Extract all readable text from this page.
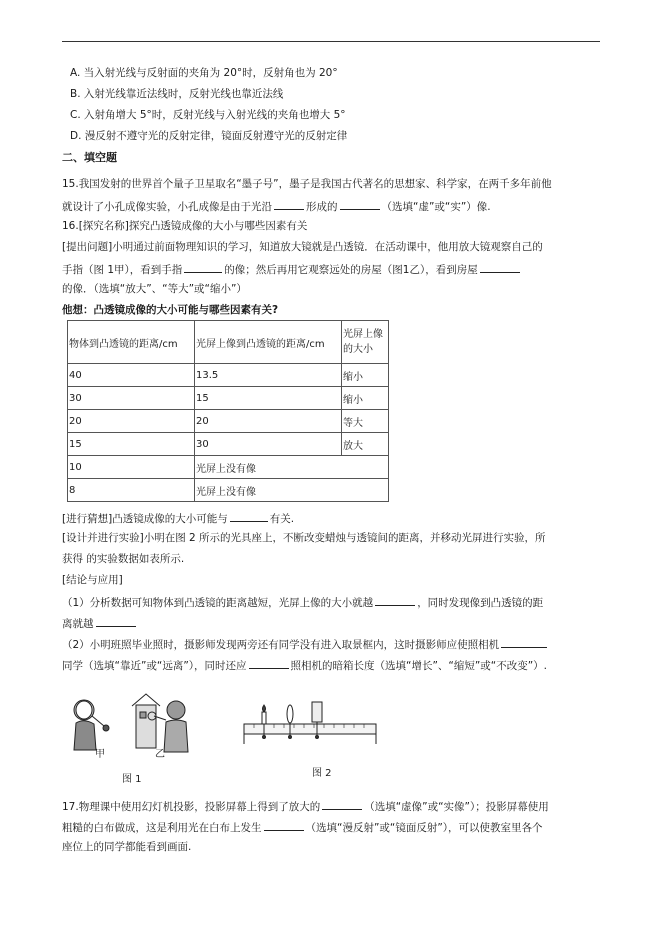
A. 当入射光线与反射面的夹角为 20°时，反射角也为 20°
B. 入射光线靠近法线时，反射光线也靠近法线
C. 入射角增大 5°时，反射光线与入射光线的夹角也增大 5°
D. 漫反射不遵守光的反射定律，镜面反射遵守光的反射定律
二、填空题
15.我国发射的世界首个量子卫星取名“墨子号”，墨子是我国古代著名的思想家、科学家，在两千多年前他
就设计了小孔成像实验，小孔成像是由于光沿	形成的	（选填“虚”或“实”）像.
16.[探究名称]探究凸透镜成像的大小与哪些因素有关
[提出问题]小明通过前面物理知识的学习，知道放大镜就是凸透镜．在活动课中，他用放大镜观察自己的
手指（图 1甲），看到手指	的像；然后再用它观察远处的房屋（图1乙），看到房屋
的像．（选填“放大”、“等大”或“缩小”）
他想：凸透镜成像的大小可能与哪些因素有关?
物体到凸透镜的距离/cm	光屏上像到凸透镜的距离/cm	光屏上像的大小
40	13.5	缩小
30	15	缩小
20	20	等大
15	30	放大
10	光屏上没有像	
8	光屏上没有像	
[进行猜想]凸透镜成像的大小可能与	有关.
[设计并进行实验]小明在图 2 所示的光具座上，不断改变蜡烛与透镜间的距离，并移动光屏进行实验，所
获得 的实验数据如表所示.
[结论与应用]
（1）分析数据可知物体到凸透镜的距离越短，光屏上像的大小就越	，同时发现像到凸透镜的距
离就越
（2）小明班照毕业照时，摄影师发现两旁还有同学没有进入取景框内，这时摄影师应使照相机
同学（选填“靠近”或“远离”），同时还应	照相机的暗箱长度（选填“增长”、“缩短”或“不改变”）.
甲	乙
图 1
图 2
17.物理课中使用幻灯机投影，投影屏幕上得到了放大的	（选填“虚像”或“实像”）；投影屏幕使用
粗糙的白布做成，这是利用光在白布上发生	（选填“漫反射”或“镜面反射”），可以使教室里各个
座位上的同学都能看到画面.
